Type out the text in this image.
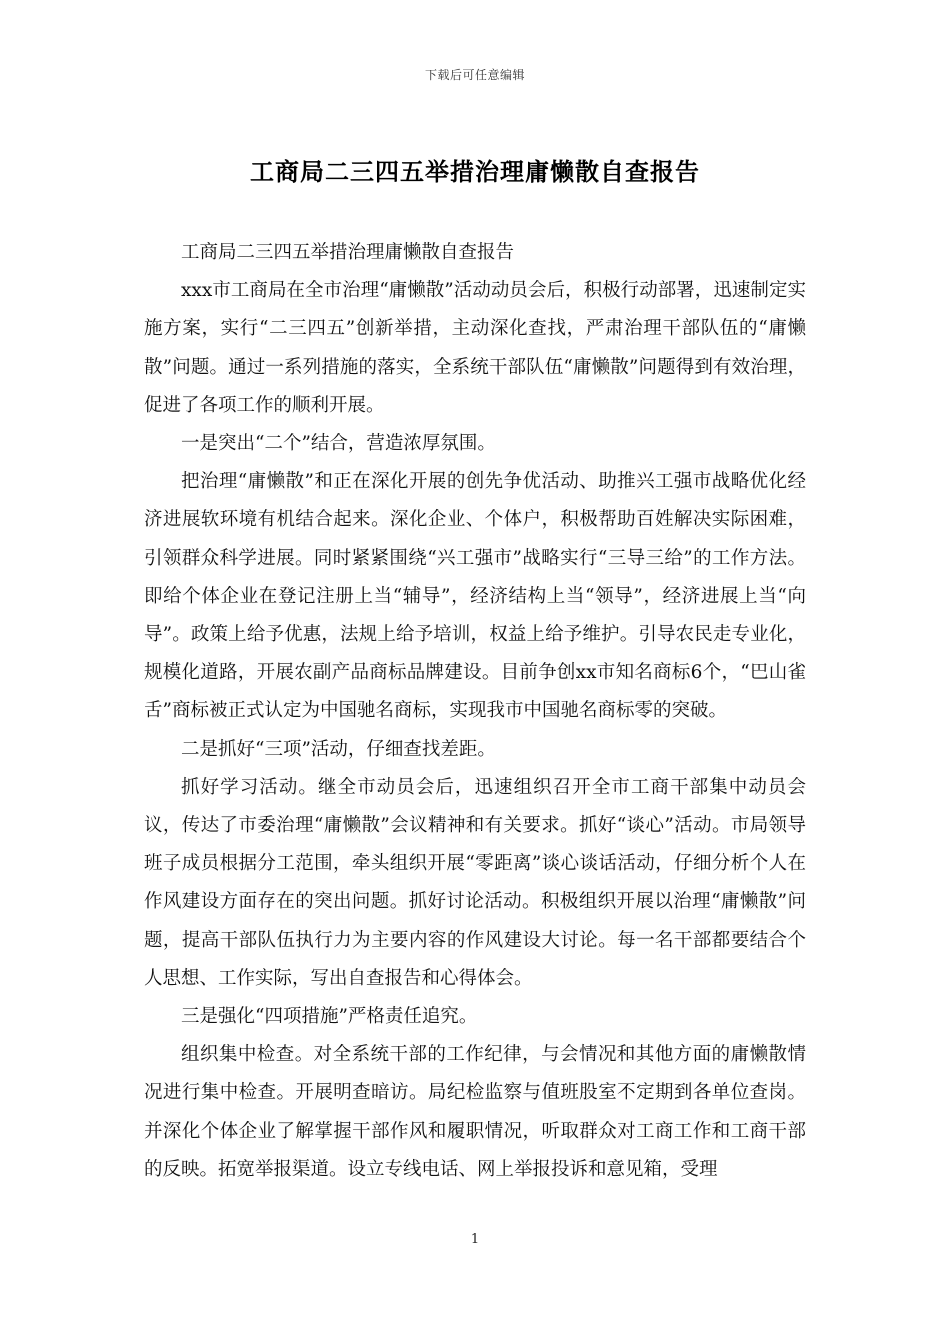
下载后可任意编辑
工商局二三四五举措治理庸懒散自查报告

工商局二三四五举措治理庸懒散自查报告

xxx市工商局在全市治理“庸懒散”活动动员会后，积极行动部署，迅速制定实施方案，实行“二三四五”创新举措，主动深化查找，严肃治理干部队伍的“庸懒散”问题。通过一系列措施的落实，全系统干部队伍“庸懒散”问题得到有效治理，促进了各项工作的顺利开展。

一是突出“二个”结合，营造浓厚氛围。

把治理“庸懒散”和正在深化开展的创先争优活动、助推兴工强市战略优化经济进展软环境有机结合起来。深化企业、个体户，积极帮助百姓解决实际困难，引领群众科学进展。同时紧紧围绕“兴工强市”战略实行“三导三给”的工作方法。即给个体企业在登记注册上当“辅导”，经济结构上当“领导”，经济进展上当“向导”。政策上给予优惠，法规上给予培训，权益上给予维护。引导农民走专业化，规模化道路，开展农副产品商标品牌建设。目前争创xx市知名商标6个，“巴山雀舌”商标被正式认定为中国驰名商标，实现我市中国驰名商标零的突破。

二是抓好“三项”活动，仔细查找差距。

抓好学习活动。继全市动员会后，迅速组织召开全市工商干部集中动员会议，传达了市委治理“庸懒散”会议精神和有关要求。抓好“谈心”活动。市局领导班子成员根据分工范围，牵头组织开展“零距离”谈心谈话活动，仔细分析个人在作风建设方面存在的突出问题。抓好讨论活动。积极组织开展以治理“庸懒散”问题，提高干部队伍执行力为主要内容的作风建设大讨论。每一名干部都要结合个人思想、工作实际，写出自查报告和心得体会。

三是强化“四项措施”严格责任追究。

组织集中检查。对全系统干部的工作纪律，与会情况和其他方面的庸懒散情况进行集中检查。开展明查暗访。局纪检监察与值班股室不定期到各单位查岗。并深化个体企业了解掌握干部作风和履职情况，听取群众对工商工作和工商干部的反映。拓宽举报渠道。设立专线电话、网上举报投诉和意见箱，受理

1
